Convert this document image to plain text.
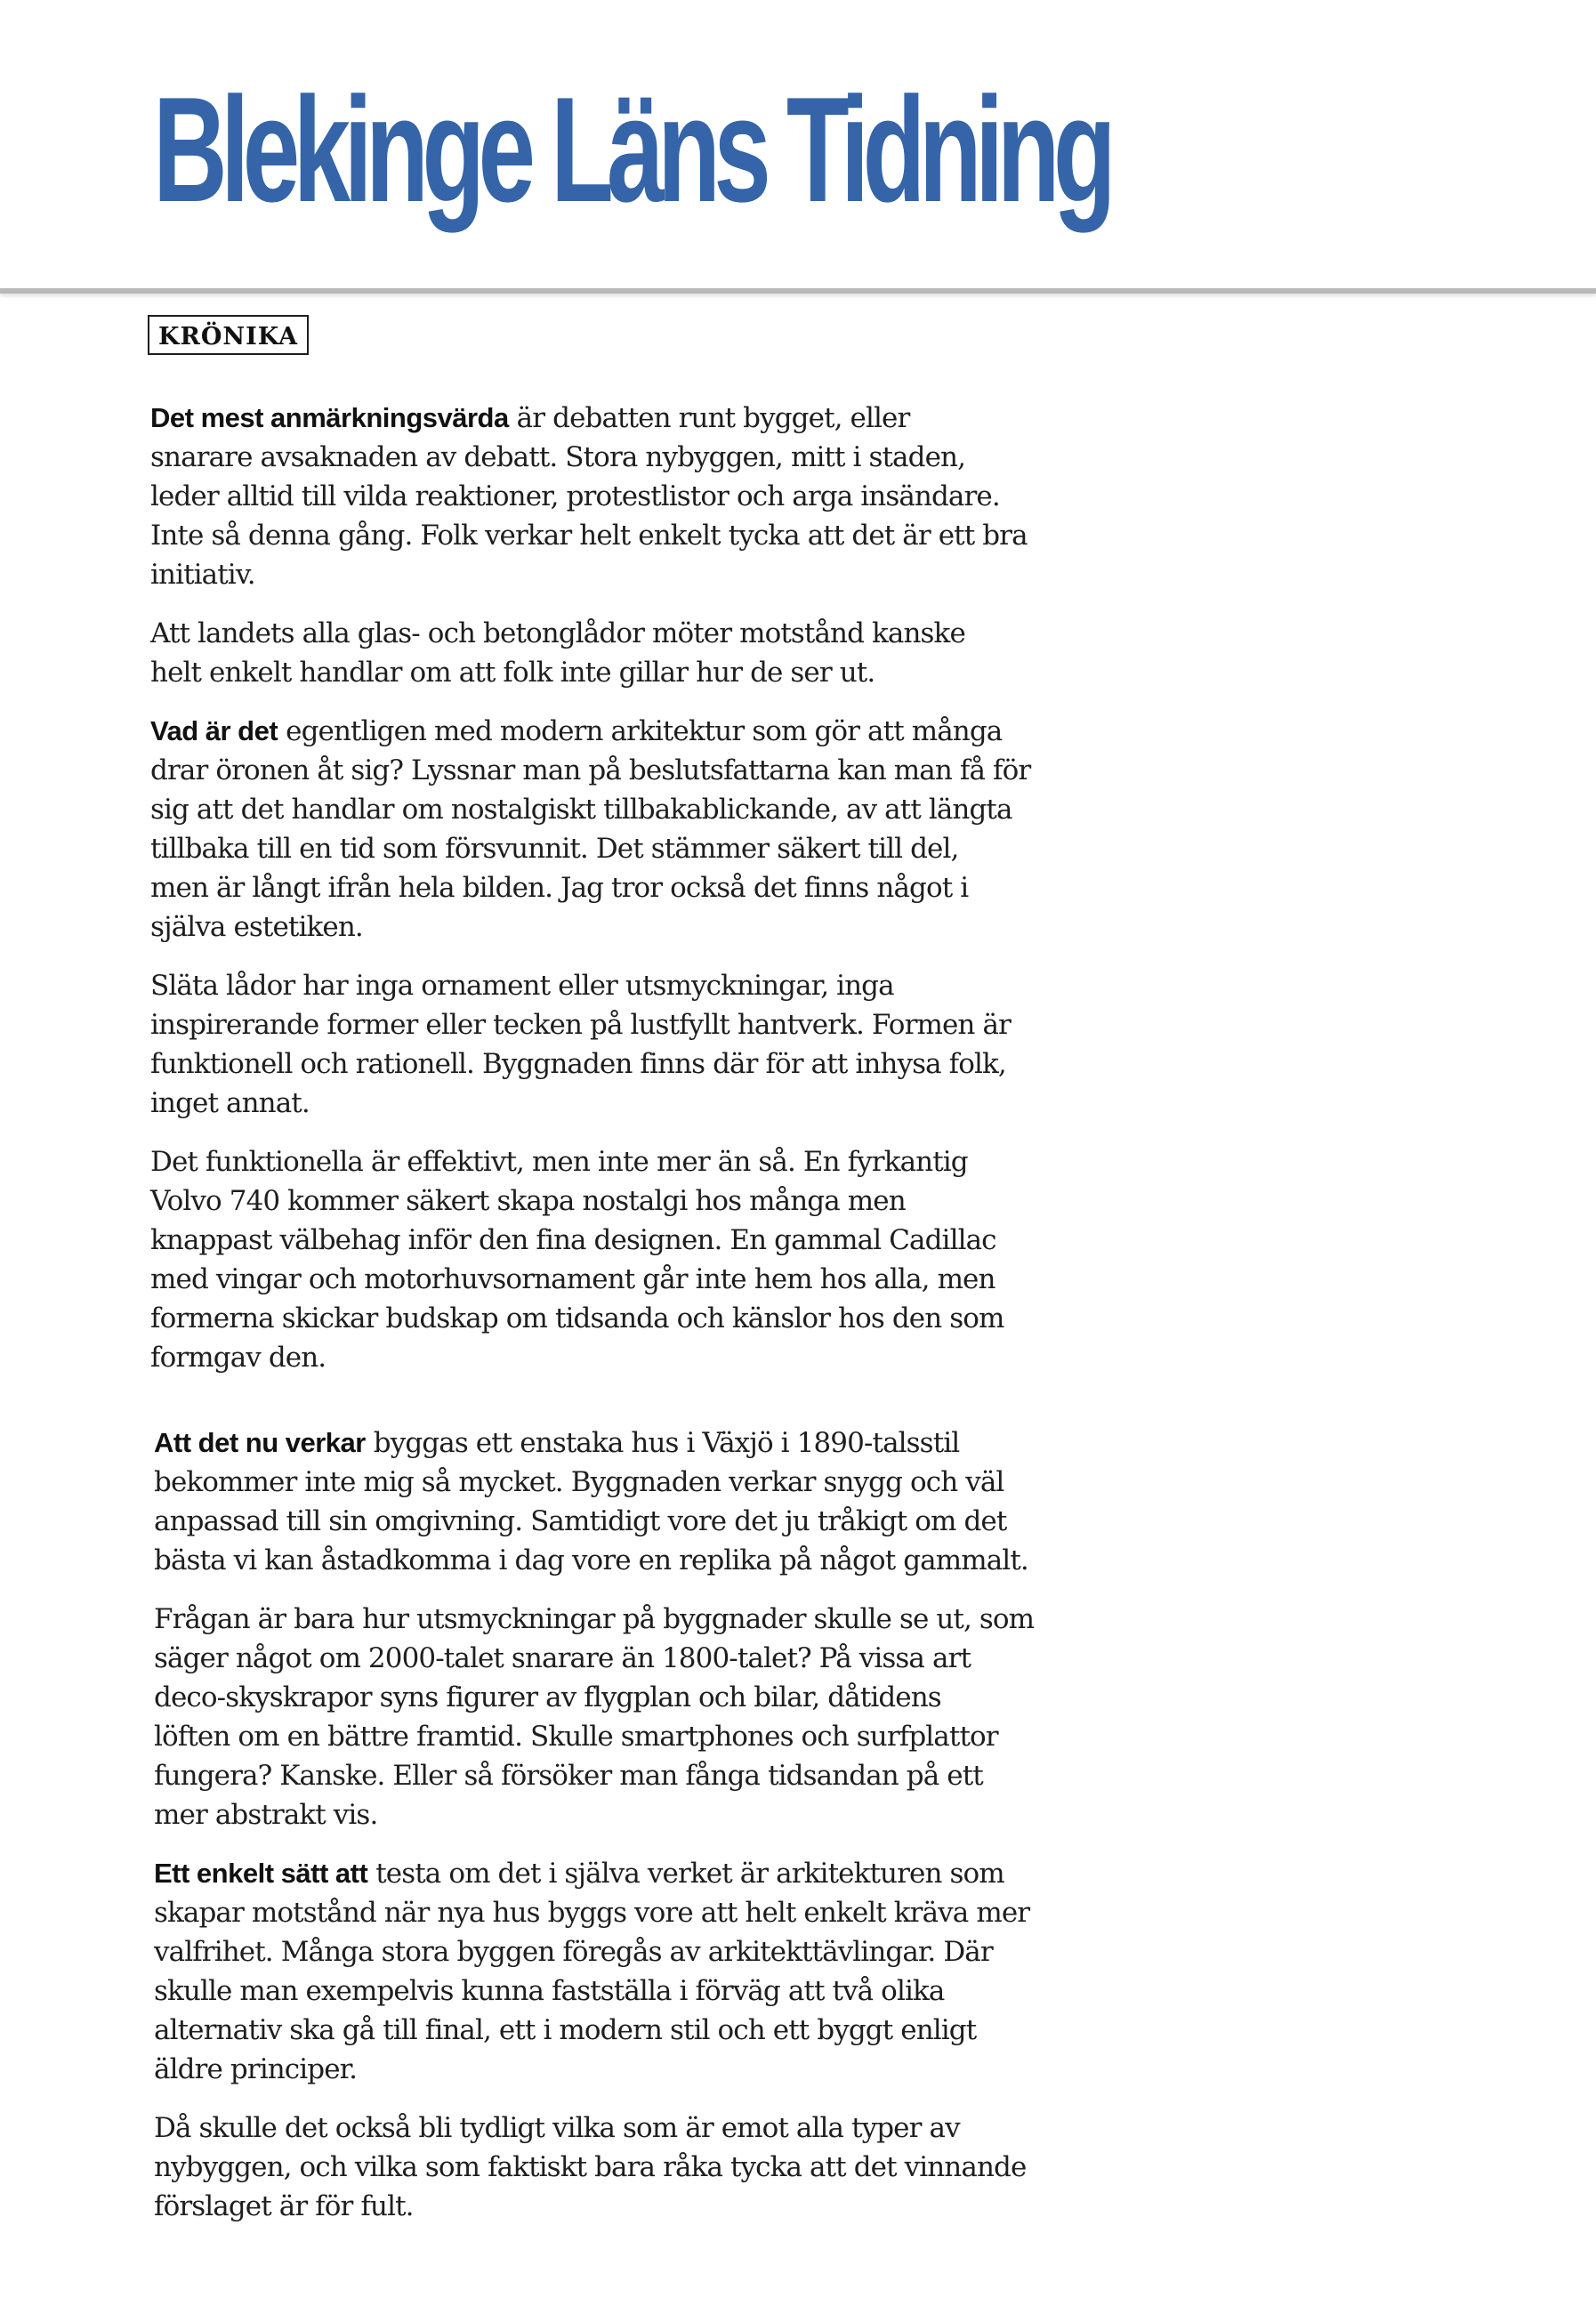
Blekinge Läns Tidning
KRÖNIKA

Det mest anmärkningsvärda är debatten runt bygget, eller
snarare avsaknaden av debatt. Stora nybyggen, mitt i staden,
leder alltid till vilda reaktioner, protestlistor och arga insändare.
Inte så denna gång. Folk verkar helt enkelt tycka att det är ett bra
initiativ.

Att landets alla glas- och betonglådor möter motstånd kanske
helt enkelt handlar om att folk inte gillar hur de ser ut.

Vad är det egentligen med modern arkitektur som gör att många
drar öronen åt sig? Lyssnar man på beslutsfattarna kan man få för
sig att det handlar om nostalgiskt tillbakablickande, av att längta
tillbaka till en tid som försvunnit. Det stämmer säkert till del,
men är långt ifrån hela bilden. Jag tror också det finns något i
själva estetiken.

Släta lådor har inga ornament eller utsmyckningar, inga
inspirerande former eller tecken på lustfyllt hantverk. Formen är
funktionell och rationell. Byggnaden finns där för att inhysa folk,
inget annat.

Det funktionella är effektivt, men inte mer än så. En fyrkantig
Volvo 740 kommer säkert skapa nostalgi hos många men
knappast välbehag inför den fina designen. En gammal Cadillac
med vingar och motorhuvsornament går inte hem hos alla, men
formerna skickar budskap om tidsanda och känslor hos den som
formgav den.

Att det nu verkar byggas ett enstaka hus i Växjö i 1890-talsstil
bekommer inte mig så mycket. Byggnaden verkar snygg och väl
anpassad till sin omgivning. Samtidigt vore det ju tråkigt om det
bästa vi kan åstadkomma i dag vore en replika på något gammalt.

Frågan är bara hur utsmyckningar på byggnader skulle se ut, som
säger något om 2000-talet snarare än 1800-talet? På vissa art
deco-skyskrapor syns figurer av flygplan och bilar, dåtidens
löften om en bättre framtid. Skulle smartphones och surfplattor
fungera? Kanske. Eller så försöker man fånga tidsandan på ett
mer abstrakt vis.

Ett enkelt sätt att testa om det i själva verket är arkitekturen som
skapar motstånd när nya hus byggs vore att helt enkelt kräva mer
valfrihet. Många stora byggen föregås av arkitekttävlingar. Där
skulle man exempelvis kunna fastställa i förväg att två olika
alternativ ska gå till final, ett i modern stil och ett byggt enligt
äldre principer.

Då skulle det också bli tydligt vilka som är emot alla typer av
nybyggen, och vilka som faktiskt bara råka tycka att det vinnande
förslaget är för fult.
